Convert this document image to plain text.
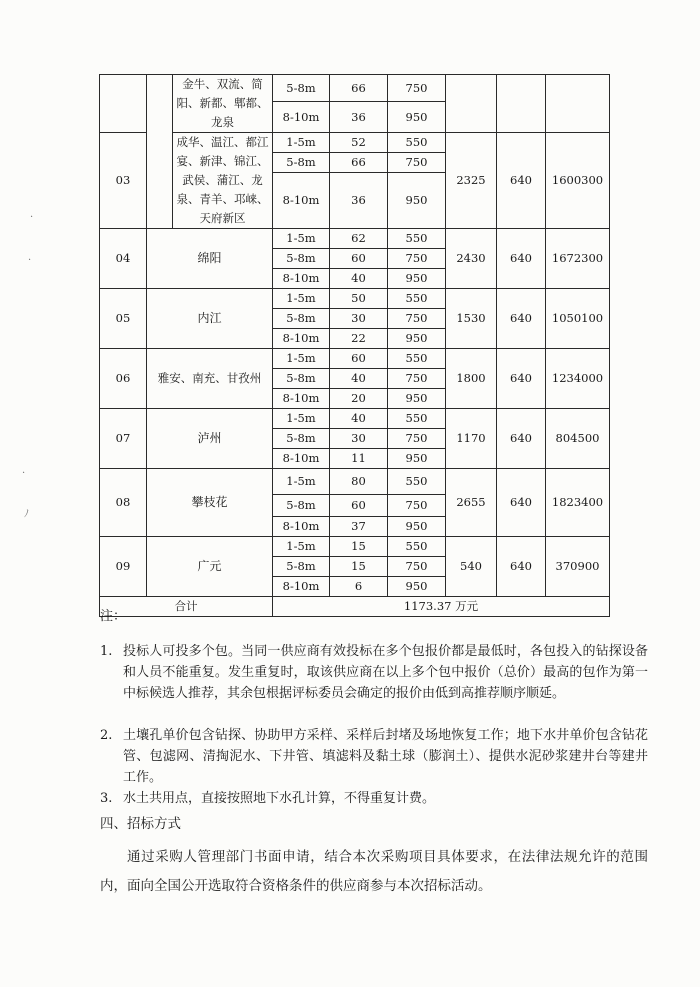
		金牛、双流、简阳、新都、郫都、龙泉	5-8m	66	750			
			8-10m	36	950			
03		成华、温江、都江宴、新津、锦江、武侯、蒲江、龙泉、青羊、邛崃、天府新区	1-5m	52	550	2325	640	1600300
			5-8m	66	750			
			8-10m	36	950			

04	绵阳		1-5m	62	550	2430	640	1672300
			5-8m	60	750			
			8-10m	40	950			
05	内江		1-5m	50	550	1530	640	1050100
			5-8m	30	750			
			8-10m	22	950			
06	雅安、南充、甘孜州		1-5m	60	550	1800	640	1234000
			5-8m	40	750			
			8-10m	20	950			
07	泸州		1-5m	40	550	1170	640	804500
			5-8m	30	750			
			8-10m	11	950			
08	攀枝花		1-5m	80	550	2655	640	1823400
			5-8m	60	750			
			8-10m	37	950			
09	广元		1-5m	15	550	540	640	370900
			5-8m	15	750			
			8-10m	6	950			
合计			1173.37 万元					
注：
1. 投标人可投多个包。当同一供应商有效投标在多个包报价都是最低时，各包投入的钻探设备和人员不能重复。发生重复时，取该供应商在以上多个包中报价（总价）最高的包作为第一中标候选人推荐，其余包根据评标委员会确定的报价由低到高推荐顺序顺延。
2. 土壤孔单价包含钻探、协助甲方采样、采样后封堵及场地恢复工作；地下水井单价包含钻花管、包滤网、清掏泥水、下井管、填滤料及黏土球（膨润土）、提供水泥砂浆建井台等建井工作。
3. 水土共用点，直接按照地下水孔计算，不得重复计费。
四、招标方式
通过采购人管理部门书面申请，结合本次采购项目具体要求，在法律法规允许的范围内，面向全国公开选取符合资格条件的供应商参与本次招标活动。
·
·
·
ﾉ
